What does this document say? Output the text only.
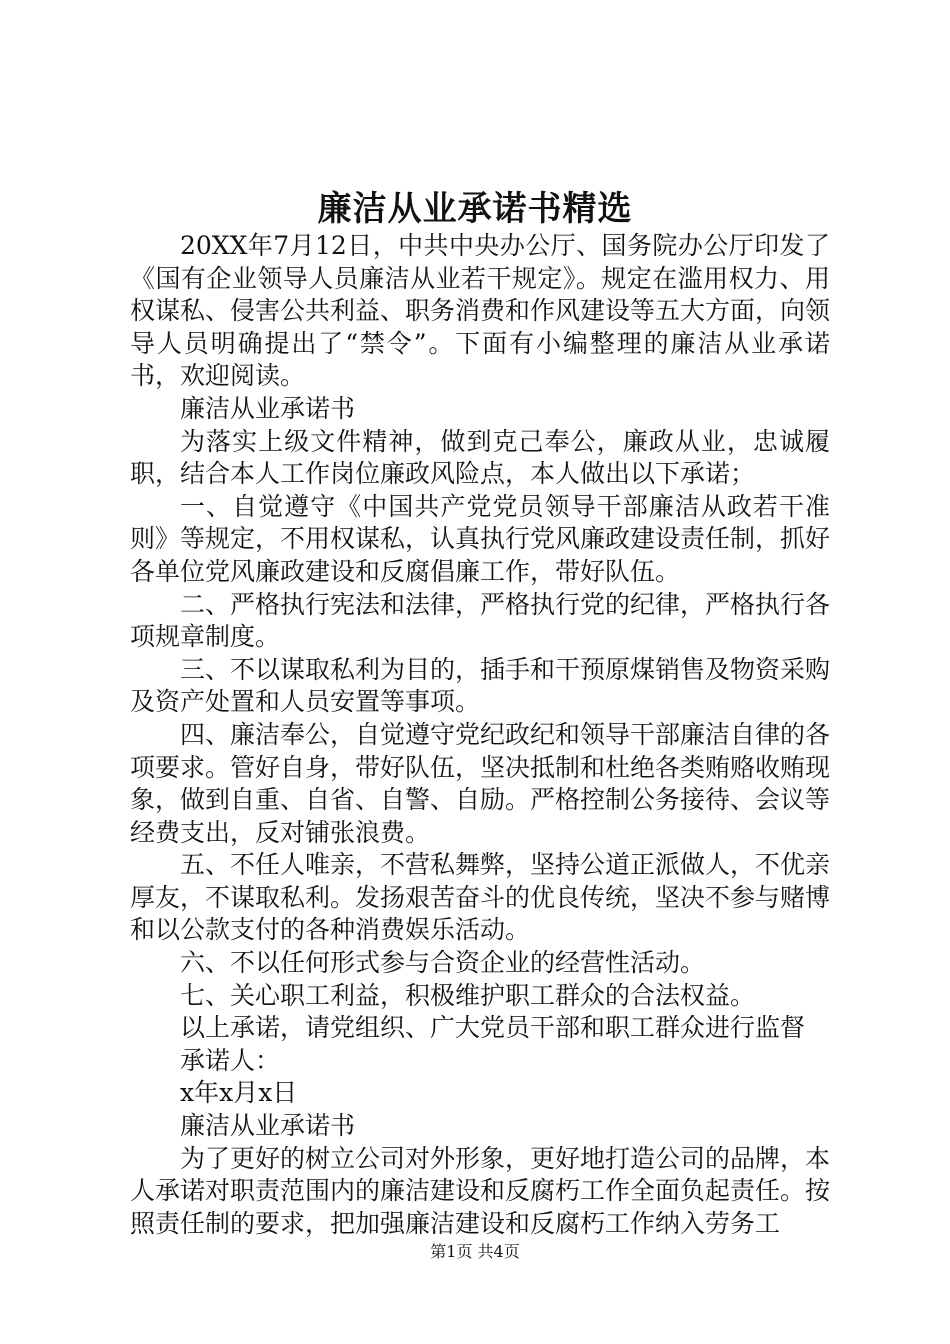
廉洁从业承诺书精选

20XX年7月12日，中共中央办公厅、国务院办公厅印发了《国有企业领导人员廉洁从业若干规定》。规定在滥用权力、用权谋私、侵害公共利益、职务消费和作风建设等五大方面，向领导人员明确提出了“禁令”。下面有小编整理的廉洁从业承诺书，欢迎阅读。

廉洁从业承诺书

为落实上级文件精神，做到克己奉公，廉政从业，忠诚履职，结合本人工作岗位廉政风险点，本人做出以下承诺；

一、自觉遵守《中国共产党党员领导干部廉洁从政若干准则》等规定，不用权谋私，认真执行党风廉政建设责任制，抓好各单位党风廉政建设和反腐倡廉工作，带好队伍。

二、严格执行宪法和法律，严格执行党的纪律，严格执行各项规章制度。

三、不以谋取私利为目的，插手和干预原煤销售及物资采购及资产处置和人员安置等事项。

四、廉洁奉公，自觉遵守党纪政纪和领导干部廉洁自律的各项要求。管好自身，带好队伍，坚决抵制和杜绝各类贿赂收贿现象，做到自重、自省、自警、自励。严格控制公务接待、会议等经费支出，反对铺张浪费。

五、不任人唯亲，不营私舞弊，坚持公道正派做人，不优亲厚友，不谋取私利。发扬艰苦奋斗的优良传统，坚决不参与赌博和以公款支付的各种消费娱乐活动。

六、不以任何形式参与合资企业的经营性活动。

七、关心职工利益，积极维护职工群众的合法权益。

以上承诺，请党组织、广大党员干部和职工群众进行监督

承诺人：

x年x月x日

廉洁从业承诺书

为了更好的树立公司对外形象，更好地打造公司的品牌，本人承诺对职责范围内的廉洁建设和反腐朽工作全面负起责任。按照责任制的要求，把加强廉洁建设和反腐朽工作纳入劳务工

第1页 共4页
